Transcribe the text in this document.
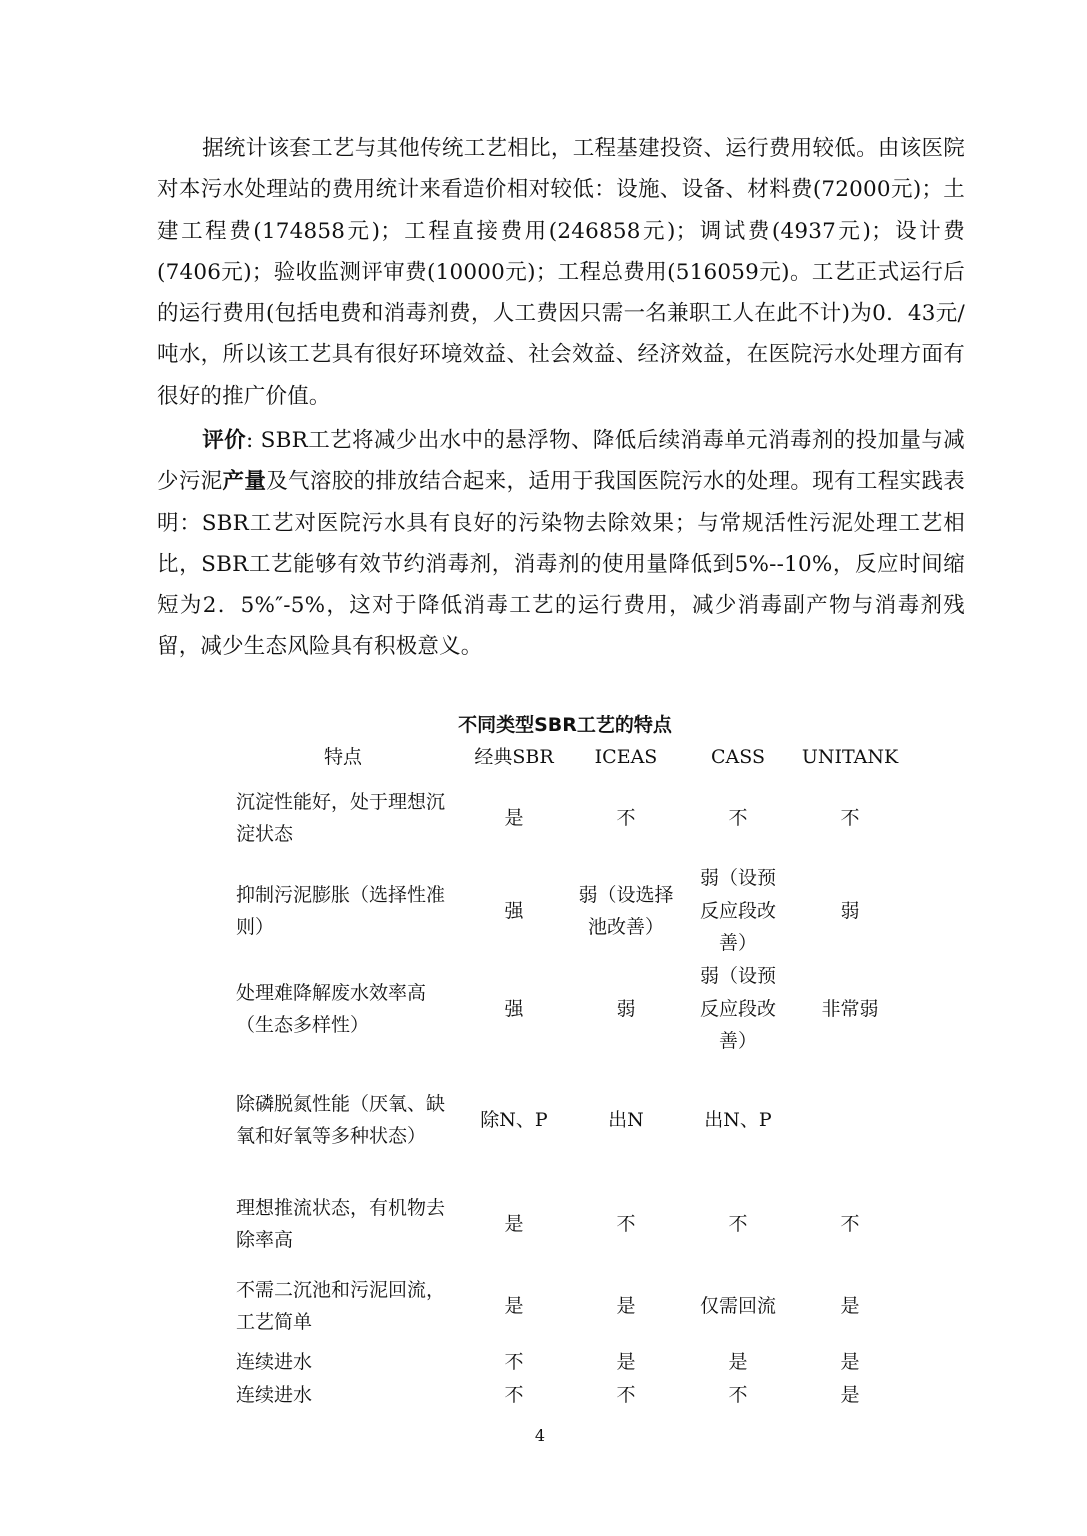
据统计该套工艺与其他传统工艺相比，工程基建投资、运行费用较低。由该医院对本污水处理站的费用统计来看造价相对较低：设施、设备、材料费(72000元)；土建工程费(174858元)；工程直接费用(246858元)；调试费(4937元)；设计费(7406元)；验收监测评审费(10000元)；工程总费用(516059元)。工艺正式运行后的运行费用(包括电费和消毒剂费，人工费因只需一名兼职工人在此不计)为0．43元/吨水，所以该工艺具有很好环境效益、社会效益、经济效益，在医院污水处理方面有很好的推广价值。
评价: SBR工艺将减少出水中的悬浮物、降低后续消毒单元消毒剂的投加量与减少污泥产量及气溶胶的排放结合起来，适用于我国医院污水的处理。现有工程实践表明：SBR工艺对医院污水具有良好的污染物去除效果；与常规活性污泥处理工艺相比，SBR工艺能够有效节约消毒剂，消毒剂的使用量降低到5%--10%，反应时间缩短为2．5%″-5%，这对于降低消毒工艺的运行费用，减少消毒副产物与消毒剂残留，减少生态风险具有积极意义。
不同类型SBR工艺的特点
特点	经典SBR	ICEAS	CASS	UNITANK
沉淀性能好，处于理想沉淀状态	是	不	不	不
抑制污泥膨胀（选择性准则）	强	弱（设选择池改善）	弱（设预反应段改善）	弱
处理难降解废水效率高（生态多样性）	强	弱	弱（设预反应段改善）	非常弱
除磷脱氮性能（厌氧、缺氧和好氧等多种状态）	除N、P	出N	出N、P	
理想推流状态，有机物去除率高	是	不	不	不
不需二沉池和污泥回流，工艺简单	是	是	仅需回流	是
连续进水	不	是	是	是
连续进水	不	不	不	是
4
